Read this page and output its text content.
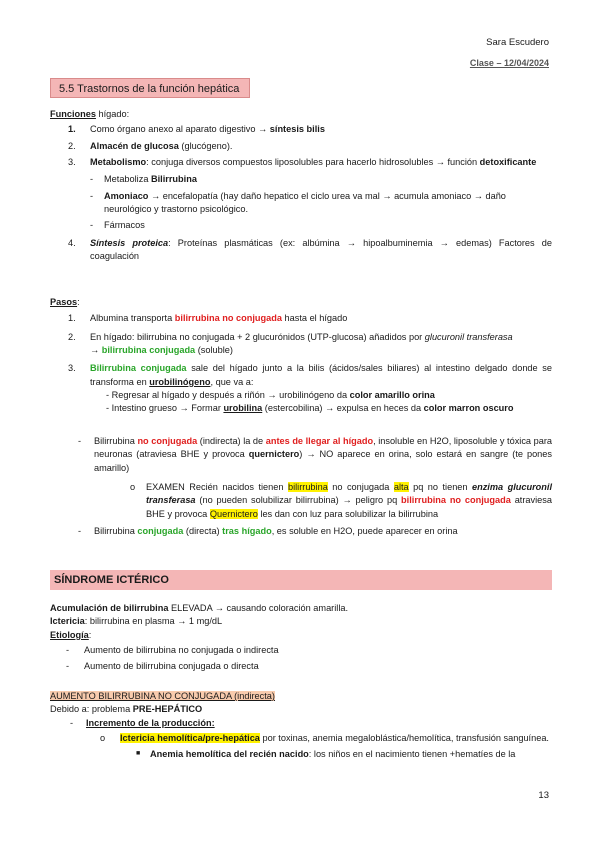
Sara Escudero
Clase – 12/04/2024
5.5 Trastornos de la función hepática
Funciones hígado:
1. Como órgano anexo al aparato digestivo → síntesis bilis
2. Almacén de glucosa (glucógeno).
3. Metabolismo: conjuga diversos compuestos liposolubles para hacerlo hidrosolubles → función detoxificante
- Metaboliza Bilirrubina
- Amoniaco → encefalopatía (hay daño hepatico el ciclo urea va mal → acumula amoniaco → daño neurológico y trastorno psicológico.
- Fármacos
4. Síntesis proteica: Proteínas plasmáticas (ex: albúmina → hipoalbuminemia → edemas) Factores de coagulación
Pasos:
1. Albumina transporta bilirrubina no conjugada hasta el hígado
2. En hígado: bilirrubina no conjugada + 2 glucurónidos (UTP-glucosa) añadidos por glucuronil transferasa
→ bilirrubina conjugada (soluble)
3. Bilirrubina conjugada sale del hígado junto a la bilis (ácidos/sales biliares) al intestino delgado donde se transforma en urobilinógeno, que va a:
- Regresar al hígado y después a riñón → urobilinógeno da color amarillo orina
- Intestino grueso → Formar urobilina (estercobilina) → expulsa en heces da color marron oscuro
- Bilirrubina no conjugada (indirecta) la de antes de llegar al hígado, insoluble en H2O, liposoluble y tóxica para neuronas (atraviesa BHE y provoca quernictero) → NO aparece en orina, solo estará en sangre (te pones amarillo)
o EXAMEN Recién nacidos tienen bilirrubina no conjugada alta pq no tienen enzima glucuronil transferasa (no pueden solubilizar bilirrubina) → peligro pq bilirrubina no conjugada atraviesa BHE y provoca Quernictero les dan con luz para solubilizar la bilirrubina
- Bilirrubina conjugada (directa) tras hígado, es soluble en H2O, puede aparecer en orina
SÍNDROME ICTÉRICO
Acumulación de bilirrubina ELEVADA → causando coloración amarilla.
Ictericia: bilirrubina en plasma → 1 mg/dL
Etiología:
- Aumento de bilirrubina no conjugada o indirecta
- Aumento de bilirrubina conjugada o directa
AUMENTO BILIRRUBINA NO CONJUGADA (indirecta)
Debido a: problema PRE-HEPÁTICO
- Incremento de la producción:
o Ictericia hemolítica/pre-hepática por toxinas, anemia megaloblástica/hemolítica, transfusión sanguínea.
■ Anemia hemolítica del recién nacido: los niños en el nacimiento tienen +hematíes de la
13
